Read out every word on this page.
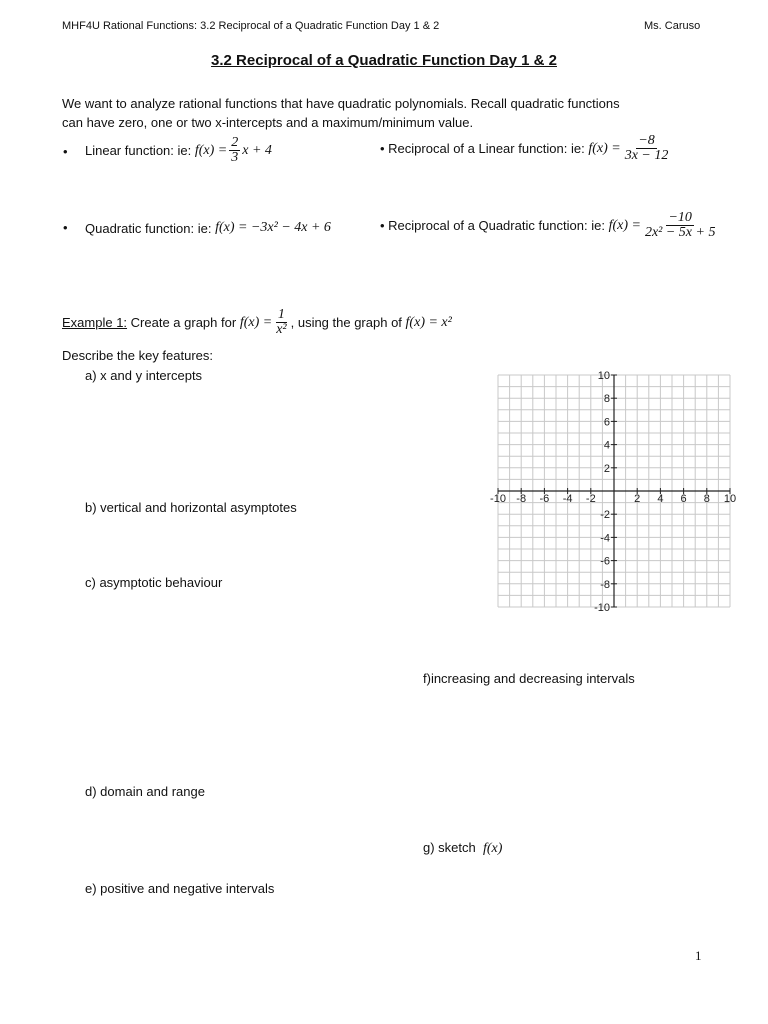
MHF4U Rational Functions: 3.2 Reciprocal of a Quadratic Function Day 1 & 2	Ms. Caruso
3.2 Reciprocal of a Quadratic Function Day 1 & 2
We want to analyze rational functions that have quadratic polynomials. Recall quadratic functions
can have zero, one or two x-intercepts and a maximum/minimum value.
• Linear function: ie:
$f(x) = \frac{2}{3}$ x + 4	• Reciprocal of a Linear function: ie:
$f(x) = \frac{-8}{3x - 12}$
• Quadratic function: ie:
f(x) = −3x² − 4x + 6	• Reciprocal of a Quadratic function: ie:
$f(x) = \frac{-10}{\text{2x² − 5x + 5}}$
Example 1:
Create a graph for
$f(x) = \frac{1}{\text{x²}}$ , using the graph of
f(x) = x²
Describe the key features:
a) x and y intercepts
b) vertical and horizontal asymptotes
c) asymptotic behaviour
f)increasing and decreasing intervals
d) domain and range
g) sketch f(x)
e) positive and negative intervals
-10 -8 -6 -4 -2	2 4 6 8 10
10
8
6
4
2
-2
-4
-6
-8
-10
1
